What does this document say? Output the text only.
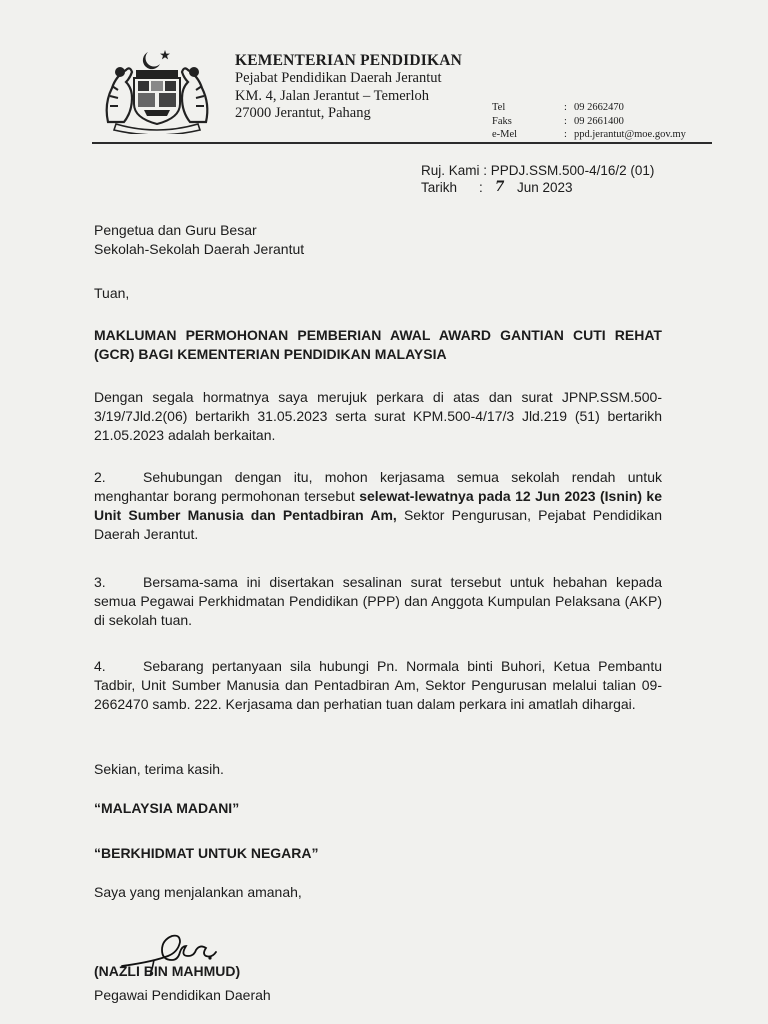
KEMENTERIAN PENDIDIKAN
Pejabat Pendidikan Daerah Jerantut
KM. 4, Jalan Jerantut – Temerloh
27000 Jerantut, Pahang	Tel	: 09 2662470
Faks	: 09 2661400
e-Mel	: ppd.jerantut@moe.gov.my
Ruj. Kami : PPDJ.SSM.500-4/16/2 (01)
Tarikh	: 7 Jun 2023
Pengetua dan Guru Besar
Sekolah-Sekolah Daerah Jerantut
Tuan,
MAKLUMAN PERMOHONAN PEMBERIAN AWAL AWARD GANTIAN CUTI REHAT (GCR) BAGI KEMENTERIAN PENDIDIKAN MALAYSIA
Dengan segala hormatnya saya merujuk perkara di atas dan surat JPNP.SSM.500-3/19/7Jld.2(06) bertarikh 31.05.2023 serta surat KPM.500-4/17/3 Jld.219 (51) bertarikh 21.05.2023 adalah berkaitan.
2.	Sehubungan dengan itu, mohon kerjasama semua sekolah rendah untuk menghantar borang permohonan tersebut selewat-lewatnya pada 12 Jun 2023 (Isnin) ke Unit Sumber Manusia dan Pentadbiran Am, Sektor Pengurusan, Pejabat Pendidikan Daerah Jerantut.
3.	Bersama-sama ini disertakan sesalinan surat tersebut untuk hebahan kepada semua Pegawai Perkhidmatan Pendidikan (PPP) dan Anggota Kumpulan Pelaksana (AKP) di sekolah tuan.
4.	Sebarang pertanyaan sila hubungi Pn. Normala binti Buhori, Ketua Pembantu Tadbir, Unit Sumber Manusia dan Pentadbiran Am, Sektor Pengurusan melalui talian 09-2662470 samb. 222. Kerjasama dan perhatian tuan dalam perkara ini amatlah dihargai.
Sekian, terima kasih.
“MALAYSIA MADANI”
“BERKHIDMAT UNTUK NEGARA”
Saya yang menjalankan amanah,
(NAZLI BIN MAHMUD)
Pegawai Pendidikan Daerah
